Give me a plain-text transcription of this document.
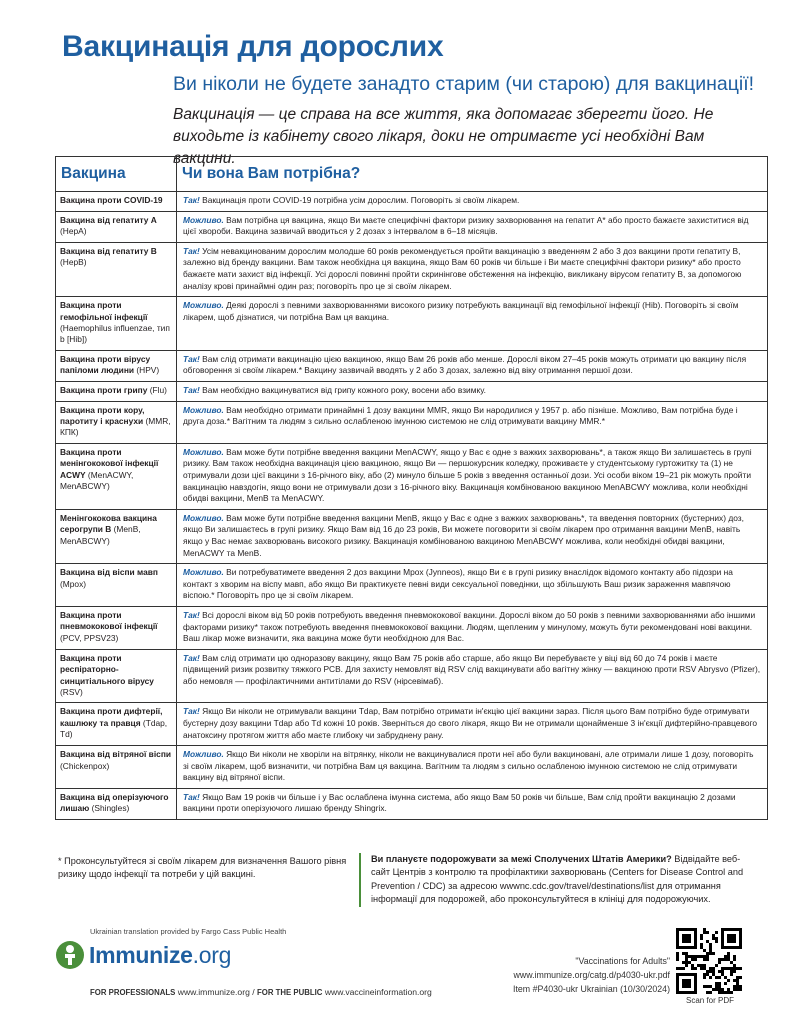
Вакцинація для дорослих

Ви ніколи не будете занадто старим (чи старою) для вакцинації!

Вакцинація — це справа на все життя, яка допомагає зберегти його. Не виходьте із кабінету свого лікаря, доки не отримаєте усі необхідні Вам вакцини.

Вакцина	Чи вона Вам потрібна?
Вакцина проти COVID-19	Так! Вакцинація проти COVID-19 потрібна усім дорослим. Поговоріть зі своїм лікарем.
Вакцина від гепатиту А (HepA)	Можливо. Вам потрібна ця вакцина, якщо Ви маєте специфічні фактори ризику захворювання на гепатит A* або просто бажаєте захиститися від цієї хвороби. Вакцина зазвичай вводиться у 2 дозах з інтервалом в 6–18 місяців.
Вакцина від гепатиту В (HepB)	Так! Усім невакцинованим дорослим молодше 60 років рекомендується пройти вакцинацію з введенням 2 або 3 доз вакцини проти гепатиту B, залежно від бренду вакцини. Вам також необхідна ця вакцина, якщо Вам 60 років чи більше і Ви маєте специфічні фактори ризику* або просто бажаєте мати захист від інфекції. Усі дорослі повинні пройти скринінгове обстеження на інфекцію, викликану вірусом гепатиту B, за допомогою аналізу крові принаймні один раз; поговоріть про це зі своїм лікарем.
Вакцина проти гемофільної інфекції (Haemophilus influenzae, тип b [Hib])	Можливо. Деякі дорослі з певними захворюваннями високого ризику потребують вакцинації від гемофільної інфекції (Hib). Поговоріть зі своїм лікарем, щоб дізнатися, чи потрібна Вам ця вакцина.
Вакцина проти вірусу папіломи людини (HPV)	Так! Вам слід отримати вакцинацію цією вакциною, якщо Вам 26 років або менше. Дорослі віком 27–45 років можуть отримати цю вакцину після обговорення зі своїм лікарем.* Вакцину зазвичай вводять у 2 або 3 дозах, залежно від віку отримання першої дози.
Вакцина проти грипу (Flu)	Так! Вам необхідно вакцинуватися від грипу кожного року, восени або взимку.
Вакцина проти кору, паротиту і краснухи (MMR, КПК)	Можливо. Вам необхідно отримати принаймні 1 дозу вакцини MMR, якщо Ви народилися у 1957 р. або пізніше. Можливо, Вам потрібна буде і друга доза.* Вагітним та людям з сильно ослабленою імунною системою не слід отримувати вакцину MMR.*
Вакцина проти менінгококової інфекції ACWY (MenACWY, MenABCWY)	Можливо. Вам може бути потрібне введення вакцини MenACWY, якщо у Вас є одне з важких захворювань*, а також якщо Ви залишаєтесь в групі ризику. Вам також необхідна вакцинація цією вакциною, якщо Ви — першокурсник коледжу, проживаєте у студентському гуртожитку та (1) не отримували дози цієї вакцини з 16-річного віку, або (2) минуло більше 5 років з введення останньої дози. Усі особи віком 19–21 рік можуть пройти вакцинацію навздогін, якщо вони не отримували дози з 16-річного віку. Вакцинація комбінованою вакциною MenABCWY можлива, коли необхідні обидві вакцини, MenB та MenACWY.
Менінгококова вакцина серогрупи В (MenB, MenABCWY)	Можливо. Вам може бути потрібне введення вакцини MenB, якщо у Вас є одне з важких захворювань*, та введення повторних (бустерних) доз, якщо Ви залишаєтесь в групі ризику. Якщо Вам від 16 до 23 років, Ви можете поговорити зі своїм лікарем про отримання вакцини MenB, навіть якщо у Вас немає захворювань високого ризику. Вакцинація комбінованою вакциною MenABCWY можлива, коли необхідні обидві вакцини, MenACWY та MenB.
Вакцина від віспи мавп (Mpox)	Можливо. Ви потребуватимете введення 2 доз вакцини Mpox (Jynneos), якщо Ви є в групі ризику внаслідок відомого контакту або підозри на контакт з хворим на віспу мавп, або якщо Ви практикуєте певні види сексуальної поведінки, що збільшують Ваш ризик зараження мавпячою віспою.* Поговоріть про це зі своїм лікарем.
Вакцина проти пневмококової інфекції (PCV, PPSV23)	Так! Всі дорослі віком від 50 років потребують введення пневмококової вакцини. Дорослі віком до 50 років з певними захворюваннями або іншими факторами ризику* також потребують введення пневмококової вакцини. Людям, щепленим у минулому, можуть бути рекомендовані нові вакцини. Ваш лікар може визначити, яка вакцина може бути необхідною для Вас.
Вакцина проти респіраторно-синцитіального вірусу (RSV)	Так! Вам слід отримати цю одноразову вакцину, якщо Вам 75 років або старше, або якщо Ви перебуваєте у віці від 60 до 74 років і маєте підвищений ризик розвитку тяжкого РСВ. Для захисту немовлят від RSV слід вакцинувати або вагітну жінку — вакциною проти RSV Abrysvo (Pfizer), або немовля — профілактичними антитілами до RSV (нірсевімаб).
Вакцина проти дифтерії, кашлюку та правця (Tdap, Td)	Так! Якщо Ви ніколи не отримували вакцини Tdap, Вам потрібно отримати ін'єкцію цієї вакцини зараз. Після цього Вам потрібно буде отримувати бустерну дозу вакцини Tdap або Td кожні 10 років. Зверніться до свого лікаря, якщо Ви не отримали щонайменше 3 ін'єкції дифтерійно-правцевого анатоксину протягом життя або маєте глибоку чи забруднену рану.
Вакцина від вітряної віспи (Chickenpox)	Можливо. Якщо Ви ніколи не хворіли на вітрянку, ніколи не вакцинувалися проти неї або були вакциновані, але отримали лише 1 дозу, поговоріть зі своїм лікарем, щоб визначити, чи потрібна Вам ця вакцина. Вагітним та людям з сильно ослабленою імунною системою не слід отримувати вакцину від вітряної віспи.
Вакцина від оперізуючого лишаю (Shingles)	Так! Якщо Вам 19 років чи більше і у Вас ослаблена імунна система, або якщо Вам 50 років чи більше, Вам слід пройти вакцинацію 2 дозами вакцини проти оперізуючого лишаю бренду Shingrix.
* Проконсультуйтеся зі своїм лікарем для визначення Вашого рівня ризику щодо інфекції та потреби у цій вакцині.
Ви плануєте подорожувати за межі Сполучених Штатів Америки? Відвідайте веб-сайт Центрів з контролю та профілактики захворювань (Centers for Disease Control and Prevention / CDC) за адресою wwwnc.cdc.gov/travel/destinations/list для отримання інформації для подорожей, або проконсультуйтеся в клініці для подорожуючих.
Ukrainian translation provided by Fargo Cass Public Health
Immunize.org
FOR PROFESSIONALS www.immunize.org / FOR THE PUBLIC www.vaccineinformation.org
"Vaccinations for Adults"
www.immunize.org/catg.d/p4030-ukr.pdf
Item #P4030-ukr Ukrainian (10/30/2024)
Scan for PDF
